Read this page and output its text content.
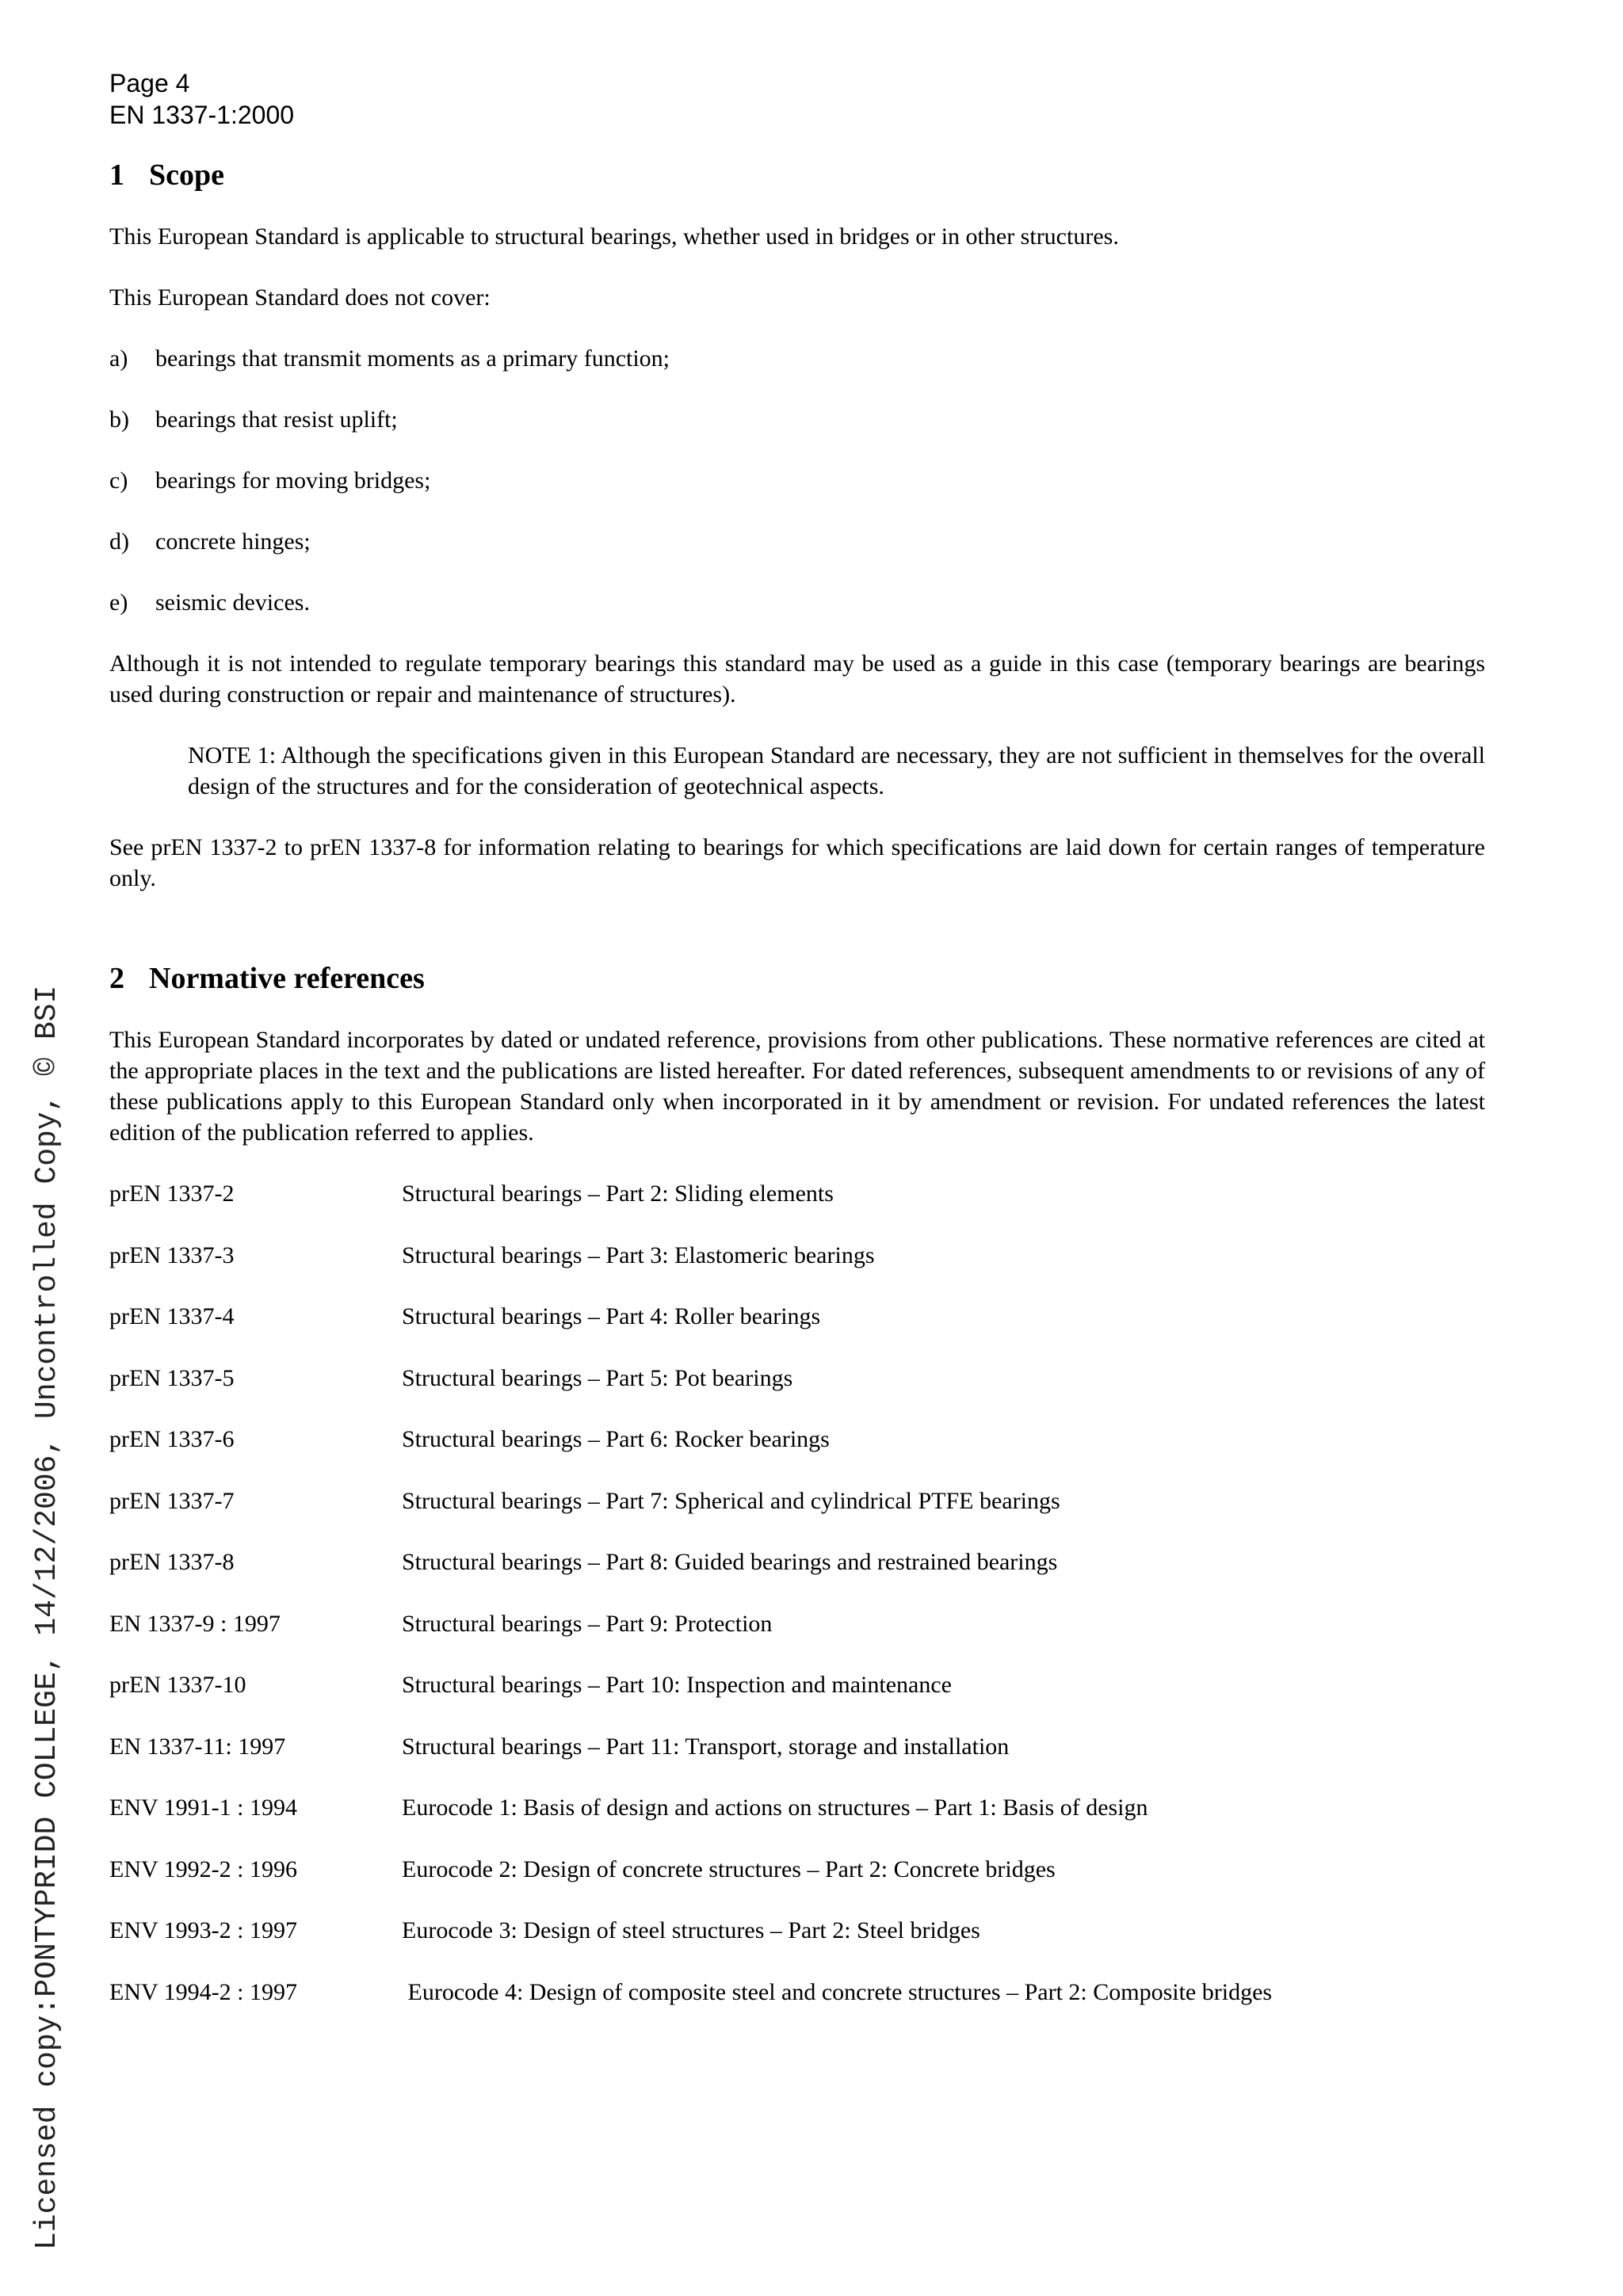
Page 4
EN 1337-1:2000
1 Scope

This European Standard is applicable to structural bearings, whether used in bridges or in other structures.

This European Standard does not cover:

a)	bearings that transmit moments as a primary function;
b)	bearings that resist uplift;
c)	bearings for moving bridges;
d)	concrete hinges;
e)	seismic devices.

Although it is not intended to regulate temporary bearings this standard may be used as a guide in this case (temporary bearings are bearings used during construction or repair and maintenance of structures).

NOTE 1: Although the specifications given in this European Standard are necessary, they are not sufficient in themselves for the overall design of the structures and for the consideration of geotechnical aspects.

See prEN 1337-2 to prEN 1337-8 for information relating to bearings for which specifications are laid down for certain ranges of temperature only.

2 Normative references

This European Standard incorporates by dated or undated reference, provisions from other publications. These normative references are cited at the appropriate places in the text and the publications are listed hereafter. For dated references, subsequent amendments to or revisions of any of these publications apply to this European Standard only when incorporated in it by amendment or revision. For undated references the latest edition of the publication referred to applies.

prEN 1337-2	Structural bearings – Part 2: Sliding elements
prEN 1337-3	Structural bearings – Part 3: Elastomeric bearings
prEN 1337-4	Structural bearings – Part 4: Roller bearings
prEN 1337-5	Structural bearings – Part 5: Pot bearings
prEN 1337-6	Structural bearings – Part 6: Rocker bearings
prEN 1337-7	Structural bearings – Part 7: Spherical and cylindrical PTFE bearings
prEN 1337-8	Structural bearings – Part 8: Guided bearings and restrained bearings
EN 1337-9 : 1997	Structural bearings – Part 9: Protection
prEN 1337-10	Structural bearings – Part 10: Inspection and maintenance
EN 1337-11: 1997	Structural bearings – Part 11: Transport, storage and installation
ENV 1991-1 : 1994	Eurocode 1: Basis of design and actions on structures – Part 1: Basis of design
ENV 1992-2 : 1996	Eurocode 2: Design of concrete structures – Part 2: Concrete bridges
ENV 1993-2 : 1997	Eurocode 3: Design of steel structures – Part 2: Steel bridges
ENV 1994-2 : 1997	Eurocode 4: Design of composite steel and concrete structures – Part 2: Composite bridges
Licensed copy:PONTYPRIDD COLLEGE, 14/12/2006, Uncontrolled Copy, © BSI
